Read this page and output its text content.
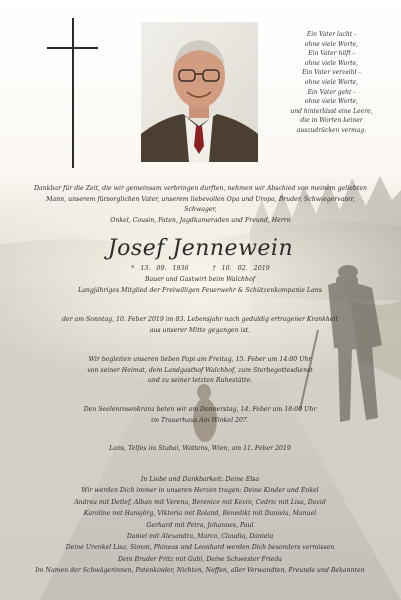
Ein Vater lacht -
ohne viele Worte,
Ein Vater hilft -
ohne viele Worte,
Ein Vater verzeiht -
ohne viele Worte,
Ein Vater geht -
ohne viele Worte,
und hinterlässt eine Leere,
die in Worten keiner
auszudrücken vermag.
Dankbar für die Zeit, die wir gemeinsam verbringen durften, nehmen wir Abschied von meinem geliebten
Mann, unserem fürsorglichen Vater, unserem liebevollen Opa und Uropa, Bruder, Schwiegervater, Schwager,
Onkel, Cousin, Paten, Jagdkameraden und Freund, Herrn
Josef Jennewein
* 13. 09. 1936	† 10. 02. 2019
Bauer und Gastwirt beim Walchhof
Langjähriges Mitglied der Freiwilligen Feuerwehr & Schützenkompanie Lans
der am Sonntag, 10. Feber 2019 im 83. Lebensjahr nach geduldig ertragener Krankheit
aus unserer Mitte gegangen ist.
Wir begleiten unseren lieben Papi am Freitag, 15. Feber um 14:00 Uhr
von seiner Heimat, dem Landgasthof Walchhof, zum Sterbegottesdienst
und zu seiner letzten Ruhestätte.
Den Seelenrosenkranz beten wir am Donnerstag, 14. Feber um 18:00 Uhr
im Trauerhaus Am Winkel 207.
Lans, Telfes im Stubai, Wattens, Wien, am 11. Feber 2019
In Liebe und Dankbarkeit: Deine Elsa
Wir werden Dich immer in unseren Herzen tragen: Deine Kinder und Enkel
Andrea mit Detlef, Alban mit Verena, Berenice mit Kevin, Cedric mit Lisa, David
Karoline mit Hansjörg, Viktoria mit Roland, Benedikt mit Daniela, Manuel
Gerhard mit Petra, Johannes, Paul
Daniel mit Alexandra, Marco, Claudia, Daniela
Deine Urenkel Lisa, Simon, Phineas und Leonhard werden Dich besonders vermissen
Dein Bruder Fritz mit Gabi, Deine Schwester Frieda
Im Namen der Schwägerinnen, Patenkinder, Nichten, Neffen, aller Verwandten, Freunde und Bekannten
